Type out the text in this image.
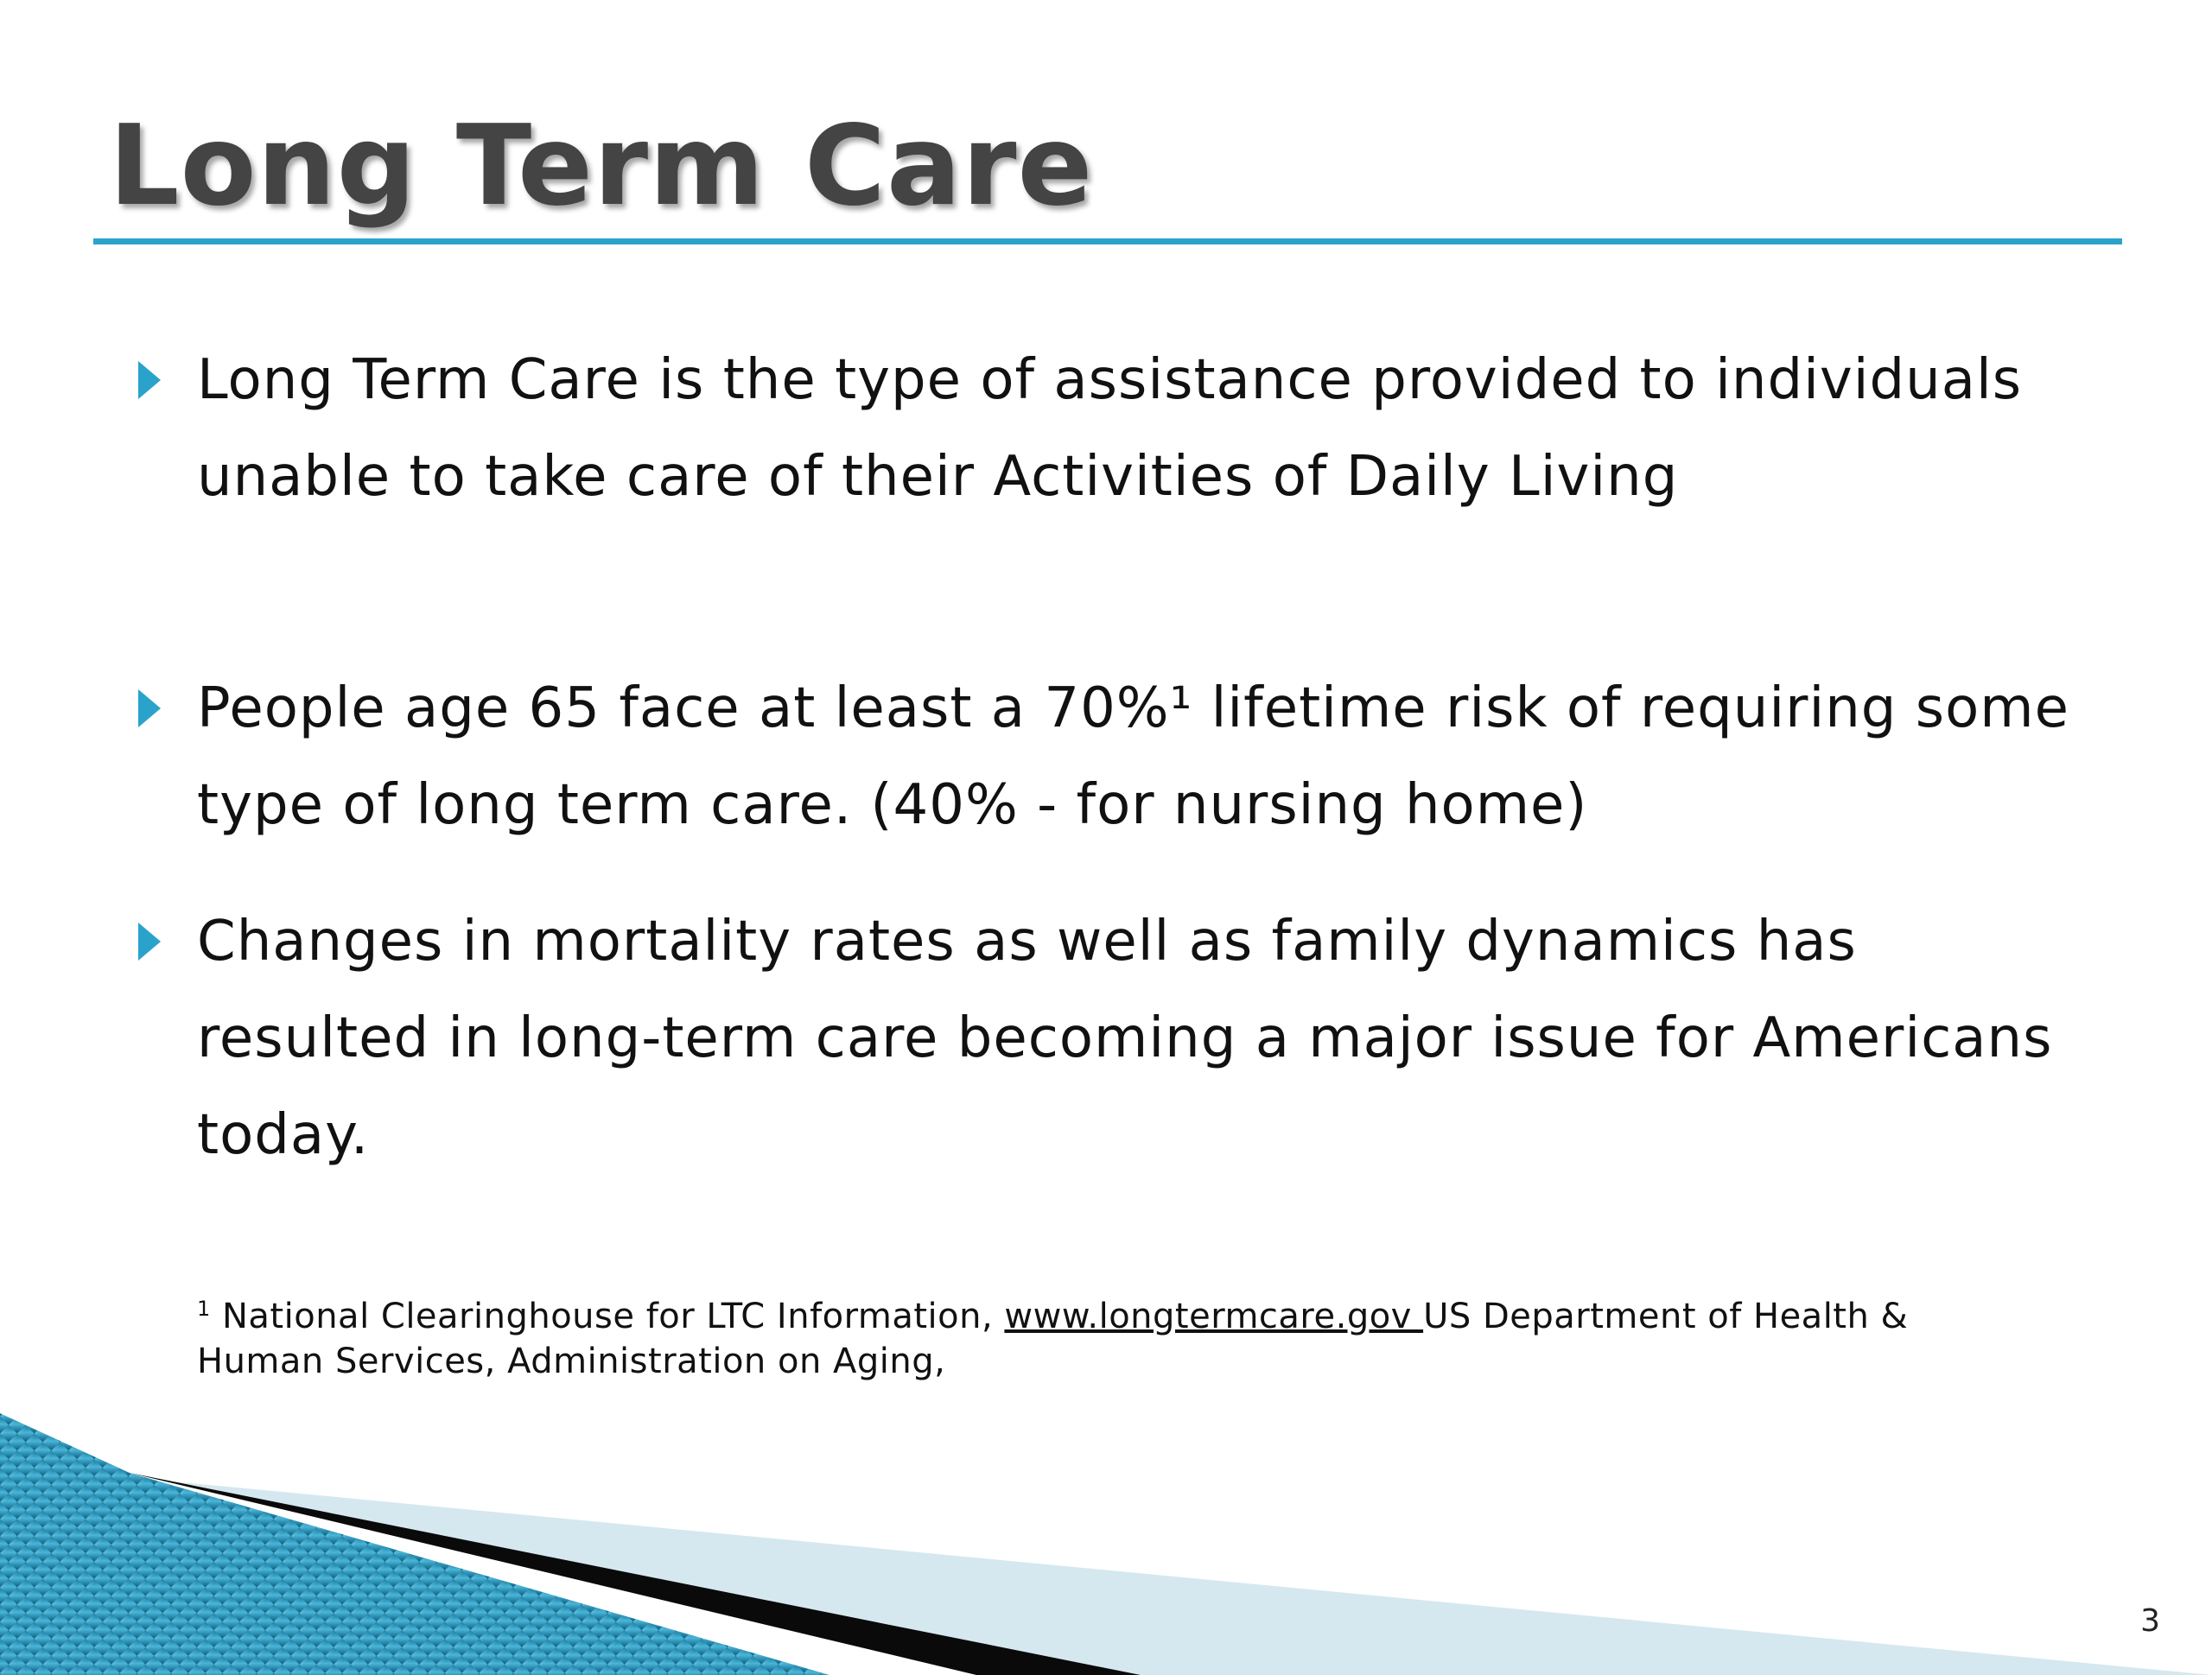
Long Term Care
Long Term Care is the type of assistance provided to individuals unable to take care of their Activities of Daily Living
People age 65 face at least a 70%¹ lifetime risk of requiring some type of long term care. (40% - for nursing home)
Changes in mortality rates as well as family dynamics has resulted in long-term care becoming a major issue for Americans today.
$^1$ National Clearinghouse for LTC Information, www.longtermcare.gov US Department of Health & Human Services, Administration on Aging,
3
